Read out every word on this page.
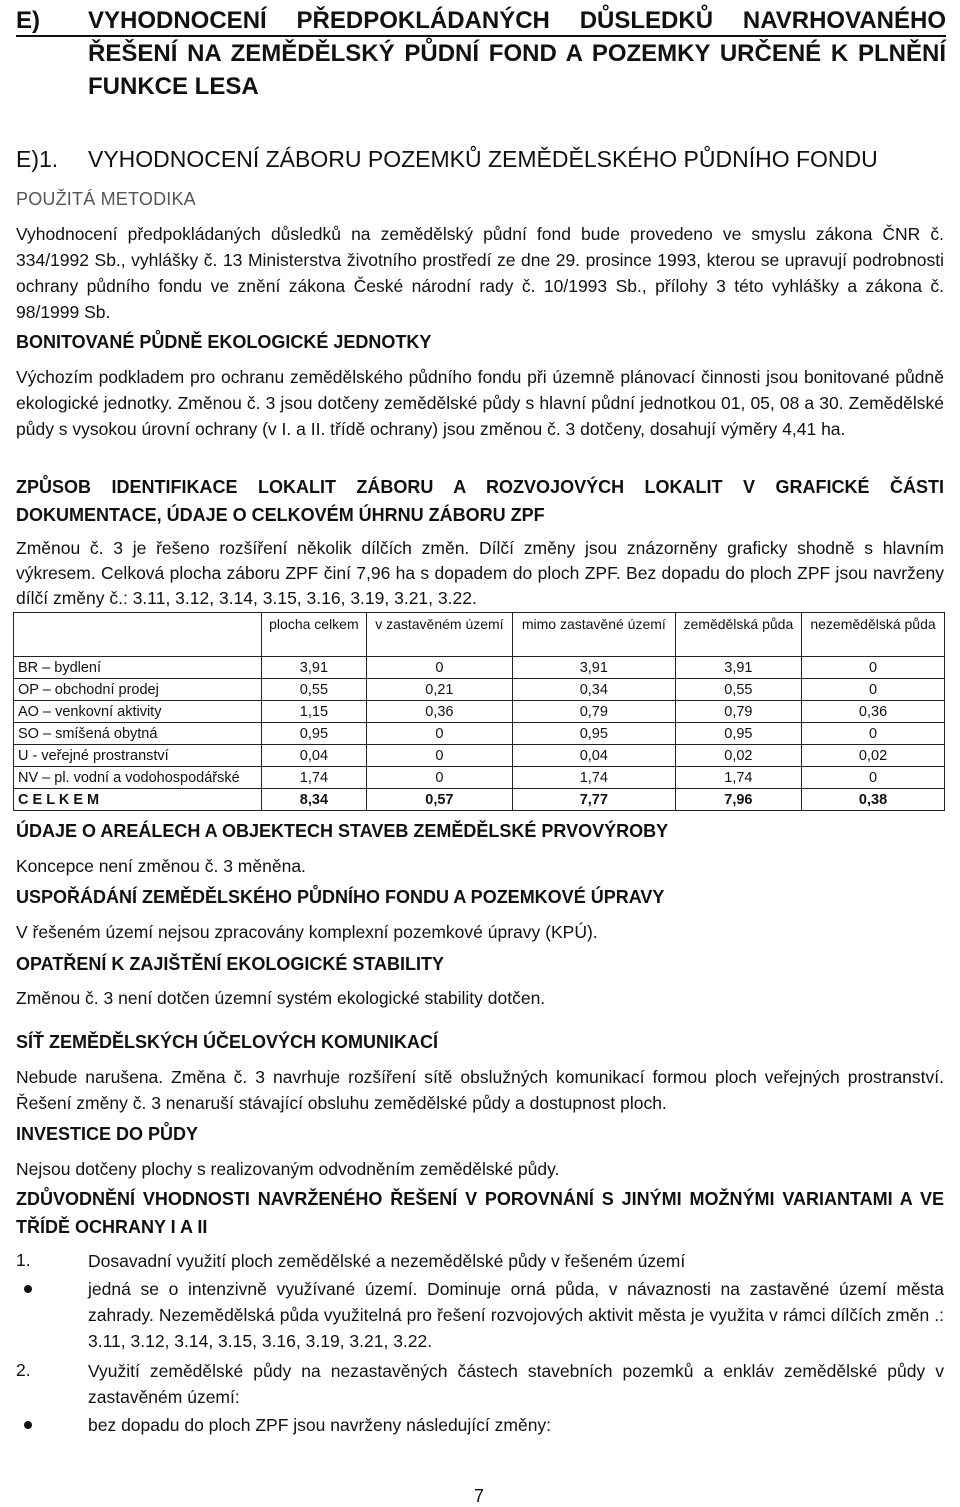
E) VYHODNOCENÍ PŘEDPOKLÁDANÝCH DŮSLEDKŮ NAVRHOVANÉHO ŘEŠENÍ NA ZEMĚDĚLSKÝ PŮDNÍ FOND A POZEMKY URČENÉ K PLNĚNÍ FUNKCE LESA
E)1. VYHODNOCENÍ ZÁBORU POZEMKŮ ZEMĚDĚLSKÉHO PŮDNÍHO FONDU
POUŽITÁ METODIKA
Vyhodnocení předpokládaných důsledků na zemědělský půdní fond bude provedeno ve smyslu zákona ČNR č. 334/1992 Sb., vyhlášky č. 13 Ministerstva životního prostředí ze dne 29. prosince 1993, kterou se upravují podrobnosti ochrany půdního fondu ve znění zákona České národní rady č. 10/1993 Sb., přílohy 3 této vyhlášky a zákona č. 98/1999 Sb.
BONITOVANÉ PŮDNĚ EKOLOGICKÉ JEDNOTKY
Výchozím podkladem pro ochranu zemědělského půdního fondu při územně plánovací činnosti jsou bonitované půdně ekologické jednotky. Změnou č. 3 jsou dotčeny zemědělské půdy s hlavní půdní jednotkou 01, 05, 08 a 30. Zemědělské půdy s vysokou úrovní ochrany (v I. a II. třídě ochrany) jsou změnou č. 3 dotčeny, dosahují výměry 4,41 ha.
ZPŮSOB IDENTIFIKACE LOKALIT ZÁBORU A ROZVOJOVÝCH LOKALIT V GRAFICKÉ ČÁSTI DOKUMENTACE, ÚDAJE O CELKOVÉM ÚHRNU ZÁBORU ZPF
Změnou č. 3 je řešeno rozšíření několik dílčích změn. Dílčí změny jsou znázorněny graficky shodně s hlavním výkresem. Celková plocha záboru ZPF činí 7,96 ha s dopadem do ploch ZPF. Bez dopadu do ploch ZPF jsou navrženy dílčí změny č.: 3.11, 3.12, 3.14, 3.15, 3.16, 3.19, 3.21, 3.22.
	plocha celkem	v zastavěném území	mimo zastavěné území	zemědělská půda	nezemědělská půda
BR – bydlení	3,91	0	3,91	3,91	0
OP – obchodní prodej	0,55	0,21	0,34	0,55	0
AO – venkovní aktivity	1,15	0,36	0,79	0,79	0,36
SO – smíšená obytná	0,95	0	0,95	0,95	0
U - veřejné prostranství	0,04	0	0,04	0,02	0,02
NV – pl. vodní a vodohospodářské	1,74	0	1,74	1,74	0
C E L K E M	8,34	0,57	7,77	7,96	0,38
ÚDAJE O AREÁLECH A OBJEKTECH STAVEB ZEMĚDĚLSKÉ PRVOVÝROBY
Koncepce není změnou č. 3 měněna.
USPOŘÁDÁNÍ ZEMĚDĚLSKÉHO PŮDNÍHO FONDU A POZEMKOVÉ ÚPRAVY
V řešeném území nejsou zpracovány komplexní pozemkové úpravy (KPÚ).
OPATŘENÍ K ZAJIŠTĚNÍ EKOLOGICKÉ STABILITY
Změnou č. 3 není dotčen územní systém ekologické stability dotčen.
SÍŤ ZEMĚDĚLSKÝCH ÚČELOVÝCH KOMUNIKACÍ
Nebude narušena. Změna č. 3 navrhuje rozšíření sítě obslužných komunikací formou ploch veřejných prostranství. Řešení změny č. 3 nenaruší stávající obsluhu zemědělské půdy a dostupnost ploch.
INVESTICE DO PŮDY
Nejsou dotčeny plochy s realizovaným odvodněním zemědělské půdy.
ZDŮVODNĚNÍ VHODNOSTI NAVRŽENÉHO ŘEŠENÍ V POROVNÁNÍ S JINÝMI MOŽNÝMI VARIANTAMI A VE TŘÍDĚ OCHRANY I A II
1.	Dosavadní využití ploch zemědělské a nezemědělské půdy v řešeném území
jedná se o intenzivně využívané území. Dominuje orná půda, v návaznosti na zastavěné území města zahrady. Nezemědělská půda využitelná pro řešení rozvojových aktivit města je využita v rámci dílčích změn .: 3.11, 3.12, 3.14, 3.15, 3.16, 3.19, 3.21, 3.22.
2.	Využití zemědělské půdy na nezastavěných částech stavebních pozemků a enkláv zemědělské půdy v zastavěném území:
bez dopadu do ploch ZPF jsou navrženy následující změny:
7
